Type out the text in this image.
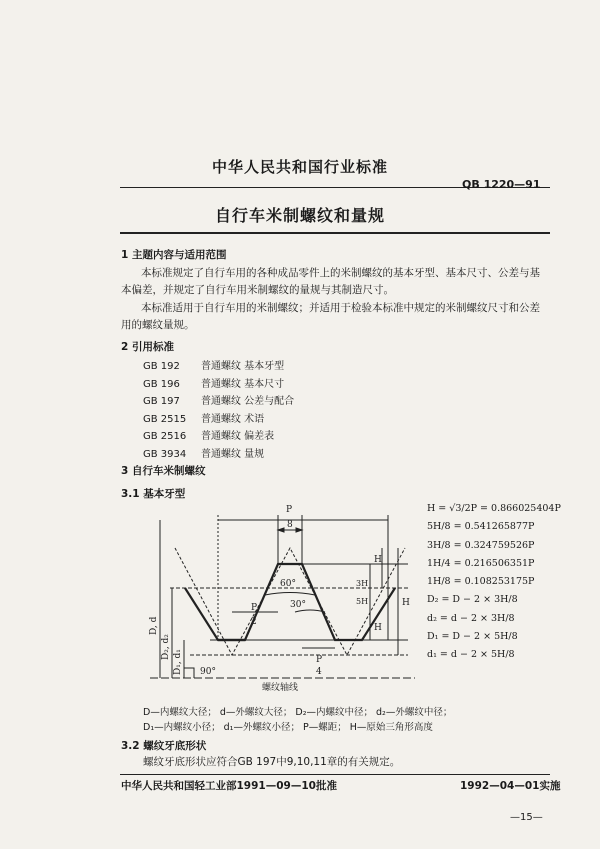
中华人民共和国行业标准
QB 1220—91
自行车米制螺纹和量规
1 主题内容与适用范围
本标准规定了自行车用的各种成品零件上的米制螺纹的基本牙型、基本尺寸、公差与基
本偏差，并规定了自行车用米制螺纹的量规与其制造尺寸。
本标准适用于自行车用的米制螺纹；并适用于检验本标准中规定的米制螺纹尺寸和公差
用的螺纹量规。
2 引用标准
GB 192 普通螺纹 基本牙型
GB 196 普通螺纹 基本尺寸
GB 197 普通螺纹 公差与配合
GB 2515 普通螺纹 术语
GB 2516 普通螺纹 偏差表
GB 3934 普通螺纹 量规
3 自行车米制螺纹
3.1 基本牙型
H = √3/2P = 0.866025404P
5H/8 = 0.541265877P
3H/8 = 0.324759526P
1H/4 = 0.216506351P
1H/8 = 0.108253175P
D₂ = D − 2 × 3H/8
d₂ = d − 2 × 3H/8
D₁ = D − 2 × 5H/8
d₁ = d − 2 × 5H/8
P
8
60°
30°
P
2
P
4
90°
H
H
3H
5H
H
D, d
D₂, d₂
D₁, d₁
螺纹轴线
D—内螺纹大径； d—外螺纹大径； D₂—内螺纹中径； d₂—外螺纹中径；
D₁—内螺纹小径； d₁—外螺纹小径； P—螺距； H—原始三角形高度
3.2 螺纹牙底形状
螺纹牙底形状应符合GB 197中9,10,11章的有关规定。
中华人民共和国轻工业部1991—09—10批准	1992—04—01实施
—15—
